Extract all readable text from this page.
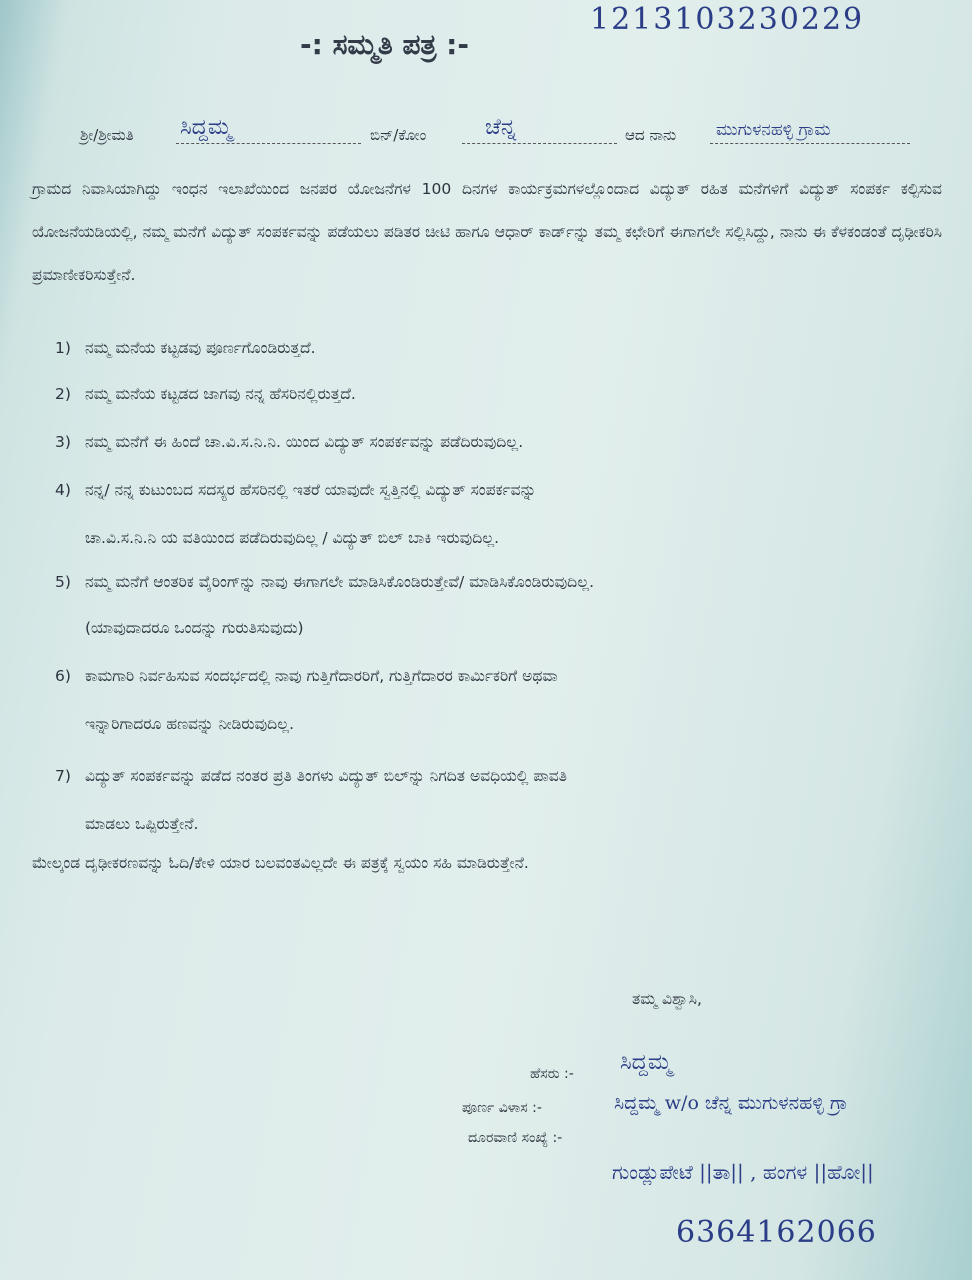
1213103230229
-: ಸಮ್ಮತಿ ಪತ್ರ :-
ಶ್ರೀ/ಶ್ರೀಮತಿ ಸಿದ್ದಮ್ಮ	ಬಿನ್/ಕೋಂ	ಚೆನ್ನ	ಆದ ನಾನು ಮುಗುಳನಹಳ್ಳಿ ಗ್ರಾಮ
ಗ್ರಾಮದ ನಿವಾಸಿಯಾಗಿದ್ದು ಇಂಧನ ಇಲಾಖೆಯಿಂದ ಜನಪರ ಯೋಜನೆಗಳ 100 ದಿನಗಳ ಕಾರ್ಯಕ್ರಮಗಳಲ್ಲೊಂದಾದ ವಿದ್ಯುತ್ ರಹಿತ ಮನೆಗಳಿಗೆ ವಿದ್ಯುತ್ ಸಂಪರ್ಕ ಕಲ್ಪಿಸುವ ಯೋಜನೆಯಡಿಯಲ್ಲಿ, ನಮ್ಮ ಮನೆಗೆ ವಿದ್ಯುತ್ ಸಂಪರ್ಕವನ್ನು ಪಡೆಯಲು ಪಡಿತರ ಚೀಟಿ ಹಾಗೂ ಆಧಾರ್ ಕಾರ್ಡ್‌ನ್ನು ತಮ್ಮ ಕಛೇರಿಗೆ ಈಗಾಗಲೇ ಸಲ್ಲಿಸಿದ್ದು, ನಾನು ಈ ಕೆಳಕಂಡಂತೆ ದೃಢೀಕರಿಸಿ ಪ್ರಮಾಣೀಕರಿಸುತ್ತೇನೆ.
1) ನಮ್ಮ ಮನೆಯ ಕಟ್ಟಡವು ಪೂರ್ಣಗೊಂಡಿರುತ್ತದೆ.
2) ನಮ್ಮ ಮನೆಯ ಕಟ್ಟಡದ ಜಾಗವು ನನ್ನ ಹೆಸರಿನಲ್ಲಿರುತ್ತದೆ.
3) ನಮ್ಮ ಮನೆಗೆ ಈ ಹಿಂದೆ ಚಾ.ವಿ.ಸ.ನಿ.ನಿ. ಯಿಂದ ವಿದ್ಯುತ್ ಸಂಪರ್ಕವನ್ನು ಪಡೆದಿರುವುದಿಲ್ಲ.
4) ನನ್ನ/ ನನ್ನ ಕುಟುಂಬದ ಸದಸ್ಯರ ಹೆಸರಿನಲ್ಲಿ ಇತರೆ ಯಾವುದೇ ಸ್ವತ್ತಿನಲ್ಲಿ ವಿದ್ಯುತ್ ಸಂಪರ್ಕವನ್ನು
ಚಾ.ವಿ.ಸ.ನಿ.ನಿ ಯ ವತಿಯಿಂದ ಪಡೆದಿರುವುದಿಲ್ಲ / ವಿದ್ಯುತ್ ಬಿಲ್ ಬಾಕಿ ಇರುವುದಿಲ್ಲ.
5) ನಮ್ಮ ಮನೆಗೆ ಆಂತರಿಕ ವೈರಿಂಗ್‌ನ್ನು ನಾವು ಈಗಾಗಲೇ ಮಾಡಿಸಿಕೊಂಡಿರುತ್ತೇವೆ/ ಮಾಡಿಸಿಕೊಂಡಿರುವುದಿಲ್ಲ.
(ಯಾವುದಾದರೂ ಒಂದನ್ನು ಗುರುತಿಸುವುದು)
6) ಕಾಮಗಾರಿ ನಿರ್ವಹಿಸುವ ಸಂದರ್ಭದಲ್ಲಿ ನಾವು ಗುತ್ತಿಗೆದಾರರಿಗೆ, ಗುತ್ತಿಗೆದಾರರ ಕಾರ್ಮಿಕರಿಗೆ ಅಥವಾ
ಇನ್ನಾರಿಗಾದರೂ ಹಣವನ್ನು ನೀಡಿರುವುದಿಲ್ಲ.
7) ವಿದ್ಯುತ್ ಸಂಪರ್ಕವನ್ನು ಪಡೆದ ನಂತರ ಪ್ರತಿ ತಿಂಗಳು ವಿದ್ಯುತ್ ಬಿಲ್‌ನ್ನು ನಿಗದಿತ ಅವಧಿಯಲ್ಲಿ ಪಾವತಿ
ಮಾಡಲು ಒಪ್ಪಿರುತ್ತೇನೆ.
ಮೇಲ್ಕಂಡ ದೃಢೀಕರಣವನ್ನು ಓದಿ/ಕೇಳಿ ಯಾರ ಬಲವಂತವಿಲ್ಲದೇ ಈ ಪತ್ರಕ್ಕೆ ಸ್ವಯಂ ಸಹಿ ಮಾಡಿರುತ್ತೇನೆ.
ತಮ್ಮ ವಿಶ್ವಾಸಿ,
ಹೆಸರು :- ಸಿದ್ದಮ್ಮ
ಪೂರ್ಣ ವಿಳಾಸ :-	ಸಿದ್ದಮ್ಮ w/o ಚೆನ್ನ ಮುಗುಳನಹಳ್ಳಿ ಗ್ರಾ
ದೂರವಾಣಿ ಸಂಖ್ಯೆ :-
ಗುಂಡ್ಲುಪೇಟೆ ||ತಾ|| , ಹಂಗಳ ||ಹೋ||
6364162066
